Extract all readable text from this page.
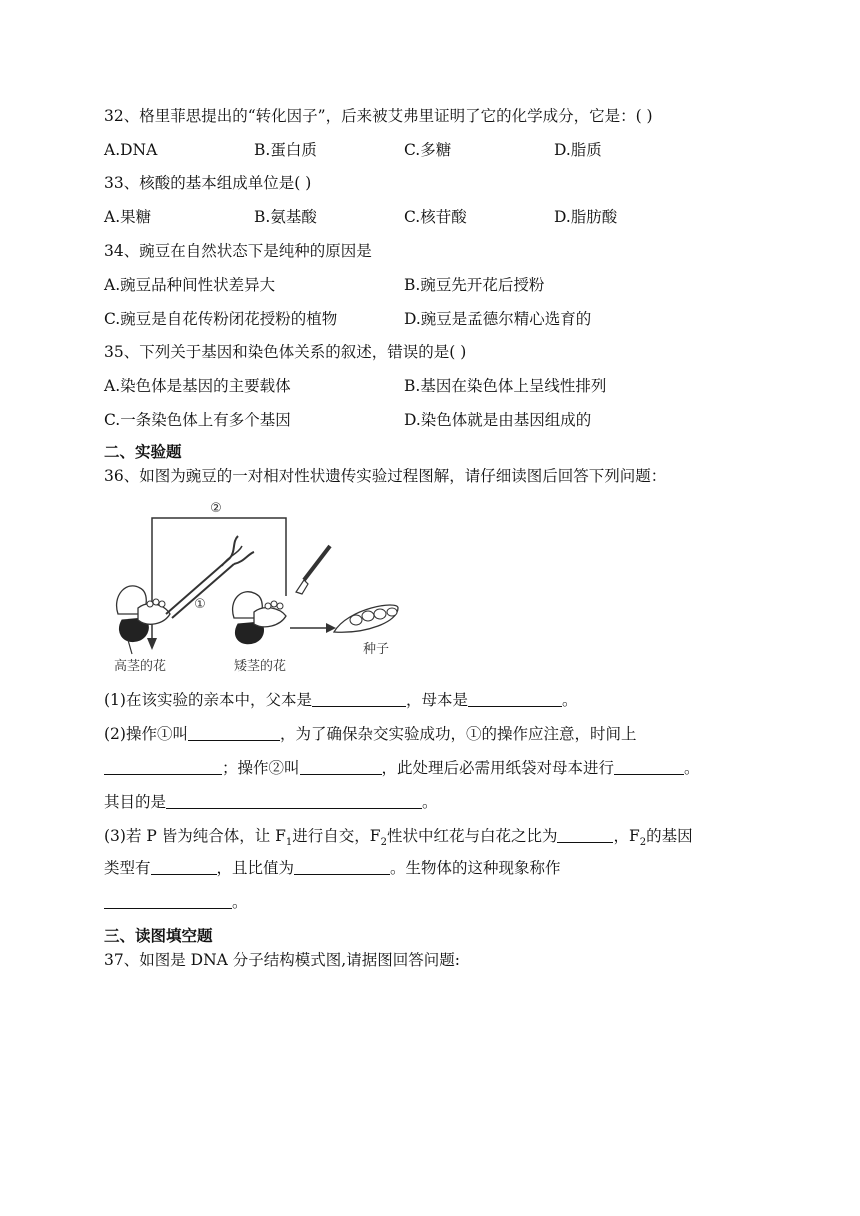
32、格里菲思提出的“转化因子”，后来被艾弗里证明了它的化学成分，它是：( )
A.DNA	B.蛋白质	C.多糖	D.脂质
33、核酸的基本组成单位是( )
A.果糖	B.氨基酸	C.核苷酸	D.脂肪酸
34、豌豆在自然状态下是纯种的原因是
A.豌豆品种间性状差异大	B.豌豆先开花后授粉
C.豌豆是自花传粉闭花授粉的植物	D.豌豆是孟德尔精心选育的
35、下列关于基因和染色体关系的叙述，错误的是( )
A.染色体是基因的主要载体	B.基因在染色体上呈线性排列
C.一条染色体上有多个基因	D.染色体就是由基因组成的
二、实验题
36、如图为豌豆的一对相对性状遗传实验过程图解，请仔细读图后回答下列问题：
②
①
种子
高茎的花	矮茎的花
(1)在该实验的亲本中，父本是	，母本是	。
(2)操作①叫	，为了确保杂交实验成功，①的操作应注意，时间上
；操作②叫	，此处理后必需用纸袋对母本进行	。
其目的是	。
(3)若 P 皆为纯合体，让 $F_1$进行自交，$F_2$性状中红花与白花之比为	，$F_2$的基因
类型有	，且比值为	。生物体的这种现象称作
。
三、读图填空题
37、如图是 DNA 分子结构模式图,请据图回答问题:
